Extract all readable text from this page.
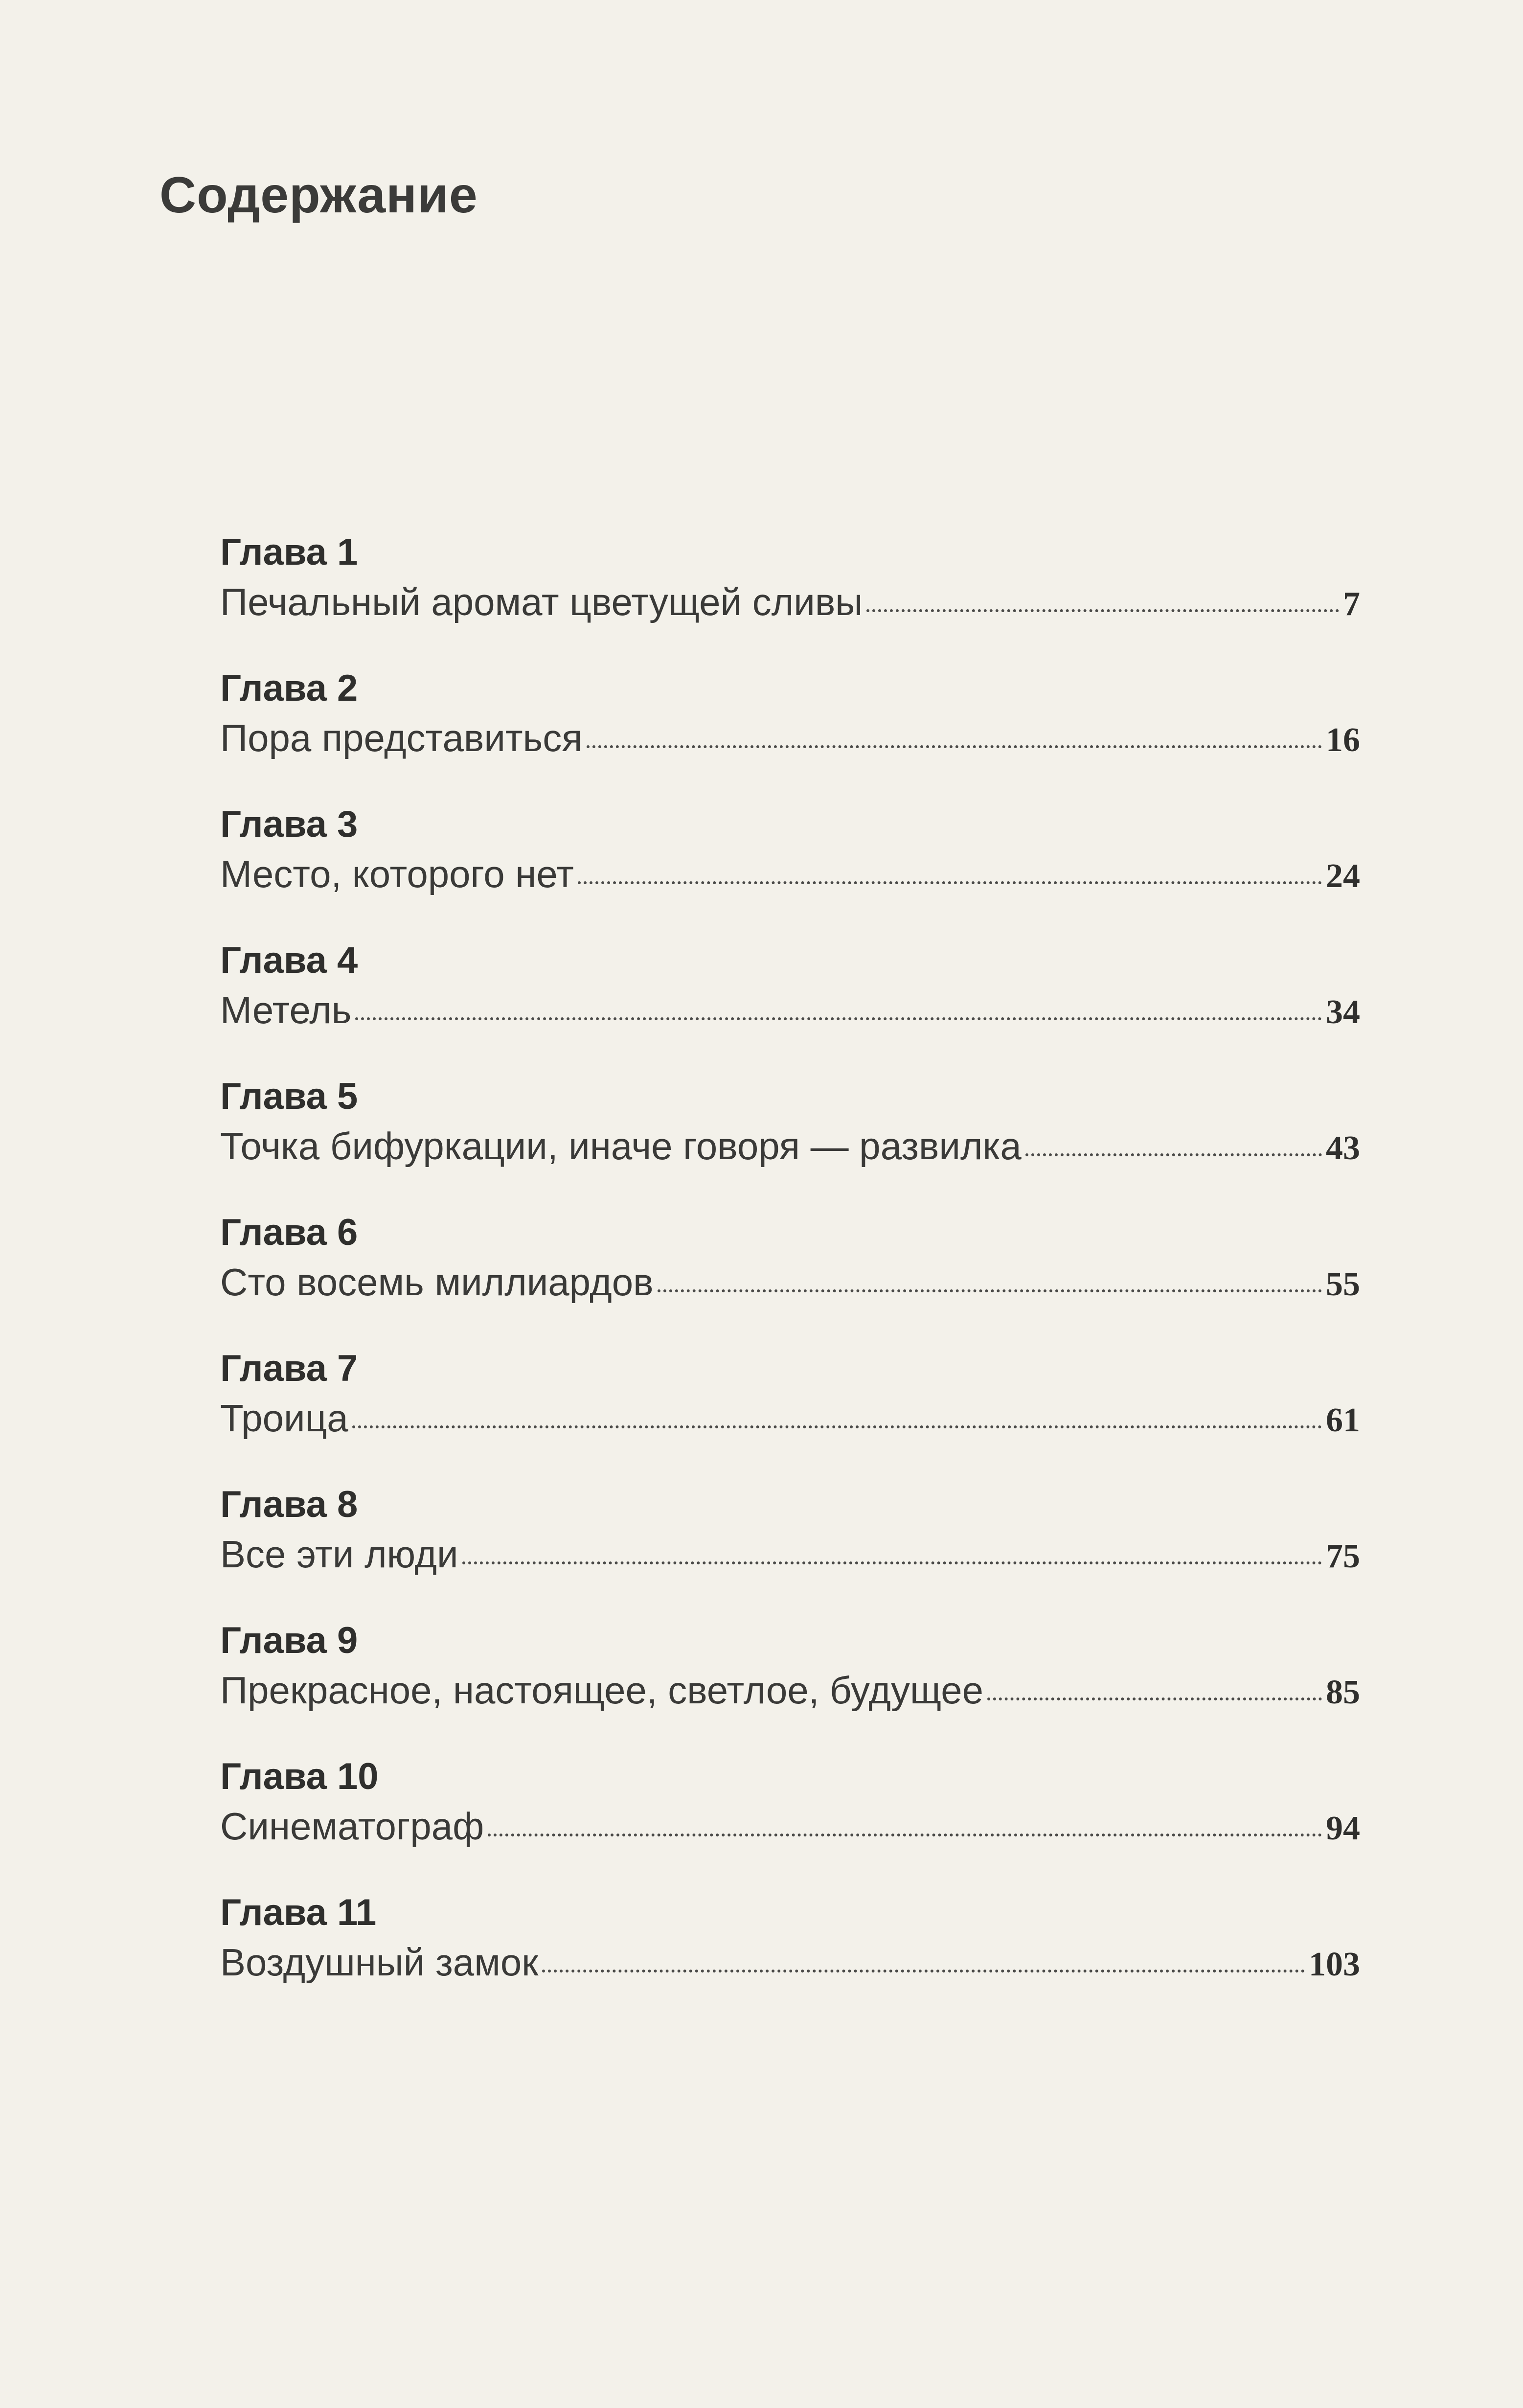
Содержание
Глава 1
Печальный аромат цветущей сливы	7
Глава 2
Пора представиться	16
Глава 3
Место, которого нет	24
Глава 4
Метель	34
Глава 5
Точка бифуркации, иначе говоря — развилка	43
Глава 6
Сто восемь миллиардов	55
Глава 7
Троица	61
Глава 8
Все эти люди	75
Глава 9
Прекрасное, настоящее, светлое, будущее	85
Глава 10
Синематограф	94
Глава 11
Воздушный замок	103
